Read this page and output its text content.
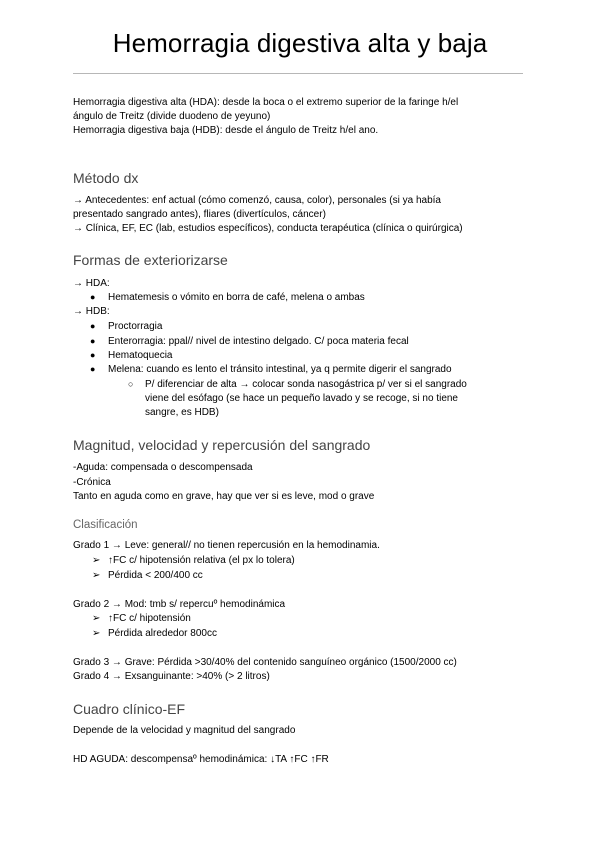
Hemorragia digestiva alta y baja
Hemorragia digestiva alta (HDA): desde la boca o el extremo superior de la faringe h/el
ángulo de Treitz (divide duodeno de yeyuno)
Hemorragia digestiva baja (HDB): desde el ángulo de Treitz h/el ano.
Método dx
→ Antecedentes: enf actual (cómo comenzó, causa, color), personales (si ya había
presentado sangrado antes), fliares (divertículos, cáncer)
→ Clínica, EF, EC (lab, estudios específicos), conducta terapéutica (clínica o quirúrgica)
Formas de exteriorizarse
→ HDA:
● Hematemesis o vómito en borra de café, melena o ambas
→ HDB:
● Proctorragia
● Enterorragia: ppal// nivel de intestino delgado. C/ poca materia fecal
● Hematoquecia
● Melena: cuando es lento el tránsito intestinal, ya q permite digerir el sangrado
○ P/ diferenciar de alta → colocar sonda nasogástrica p/ ver si el sangrado
viene del esófago (se hace un pequeño lavado y se recoge, si no tiene
sangre, es HDB)
Magnitud, velocidad y repercusión del sangrado
-Aguda: compensada o descompensada
-Crónica
Tanto en aguda como en grave, hay que ver si es leve, mod o grave
Clasificación
Grado 1 → Leve: general// no tienen repercusión en la hemodinamia.
➢ ↑FC c/ hipotensión relativa (el px lo tolera)
➢ Pérdida < 200/400 cc
Grado 2 → Mod: tmb s/ repercuº hemodinámica
➢ ↑FC c/ hipotensión
➢ Pérdida alrededor 800cc
Grado 3 → Grave: Pérdida >30/40% del contenido sanguíneo orgánico (1500/2000 cc)
Grado 4 → Exsanguinante: >40% (> 2 litros)
Cuadro clínico-EF
Depende de la velocidad y magnitud del sangrado
HD AGUDA: descompensaº hemodinámica: ↓TA ↑FC ↑FR
